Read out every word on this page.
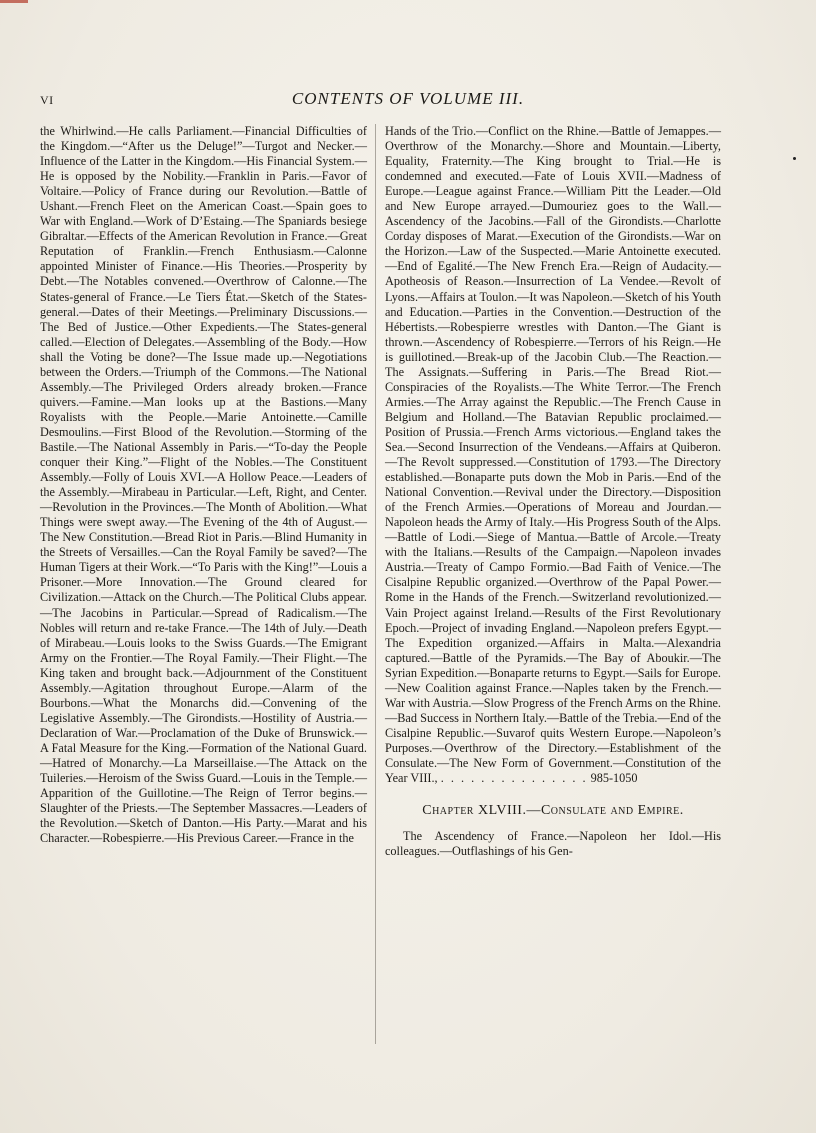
VI	CONTENTS OF VOLUME III.

the Whirlwind.—He calls Parliament.—Financial Difficulties of the Kingdom.—“After us the Deluge!”—Turgot and Necker.—Influence of the Latter in the Kingdom.—His Financial System.—He is opposed by the Nobility.—Franklin in Paris.—Favor of Voltaire.—Policy of France during our Revolution.—Battle of Ushant.—French Fleet on the American Coast.—Spain goes to War with England.—Work of D’Estaing.—The Spaniards besiege Gibraltar.—Effects of the American Revolution in France.—Great Reputation of Franklin.—French Enthusiasm.—Calonne appointed Minister of Finance.—His Theories.—Prosperity by Debt.—The Notables convened.—Overthrow of Calonne.—The States-general of France.—Le Tiers État.—Sketch of the States-general.—Dates of their Meetings.—Preliminary Discussions.—The Bed of Justice.—Other Expedients.—The States-general called.—Election of Delegates.—Assembling of the Body.—How shall the Voting be done?—The Issue made up.—Negotiations between the Orders.—Triumph of the Commons.—The National Assembly.—The Privileged Orders already broken.—France quivers.—Famine.—Man looks up at the Bastions.—Many Royalists with the People.—Marie Antoinette.—Camille Desmoulins.—First Blood of the Revolution.—Storming of the Bastile.—The National Assembly in Paris.—“To-day the People conquer their King.”—Flight of the Nobles.—The Constituent Assembly.—Folly of Louis XVI.—A Hollow Peace.—Leaders of the Assembly.—Mirabeau in Particular.—Left, Right, and Center.—Revolution in the Provinces.—The Month of Abolition.—What Things were swept away.—The Evening of the 4th of August.—The New Constitution.—Bread Riot in Paris.—Blind Humanity in the Streets of Versailles.—Can the Royal Family be saved?—The Human Tigers at their Work.—“To Paris with the King!”—Louis a Prisoner.—More Innovation.—The Ground cleared for Civilization.—Attack on the Church.—The Political Clubs appear.—The Jacobins in Particular.—Spread of Radicalism.—The Nobles will return and re-take France.—The 14th of July.—Death of Mirabeau.—Louis looks to the Swiss Guards.—The Emigrant Army on the Frontier.—The Royal Family.—Their Flight.—The King taken and brought back.—Adjournment of the Constituent Assembly.—Agitation throughout Europe.—Alarm of the Bourbons.—What the Monarchs did.—Convening of the Legislative Assembly.—The Girondists.—Hostility of Austria.—Declaration of War.—Proclamation of the Duke of Brunswick.—A Fatal Measure for the King.—Formation of the National Guard.—Hatred of Monarchy.—La Marseillaise.—The Attack on the Tuileries.—Heroism of the Swiss Guard.—Louis in the Temple.—Apparition of the Guillotine.—The Reign of Terror begins.—Slaughter of the Priests.—The September Massacres.—Leaders of the Revolution.—Sketch of Danton.—His Party.—Marat and his Character.—Robespierre.—His Previous Career.—France in the

Hands of the Trio.—Conflict on the Rhine.—Battle of Jemappes.—Overthrow of the Monarchy.—Shore and Mountain.—Liberty, Equality, Fraternity.—The King brought to Trial.—He is condemned and executed.—Fate of Louis XVII.—Madness of Europe.—League against France.—William Pitt the Leader.—Old and New Europe arrayed.—Dumouriez goes to the Wall.—Ascendency of the Jacobins.—Fall of the Girondists.—Charlotte Corday disposes of Marat.—Execution of the Girondists.—War on the Horizon.—Law of the Suspected.—Marie Antoinette executed.—End of Egalité.—The New French Era.—Reign of Audacity.—Apotheosis of Reason.—Insurrection of La Vendee.—Revolt of Lyons.—Affairs at Toulon.—It was Napoleon.—Sketch of his Youth and Education.—Parties in the Convention.—Destruction of the Hébertists.—Robespierre wrestles with Danton.—The Giant is thrown.—Ascendency of Robespierre.—Terrors of his Reign.—He is guillotined.—Break-up of the Jacobin Club.—The Reaction.—The Assignats.—Suffering in Paris.—The Bread Riot.—Conspiracies of the Royalists.—The White Terror.—The French Armies.—The Array against the Republic.—The French Cause in Belgium and Holland.—The Batavian Republic proclaimed.—Position of Prussia.—French Arms victorious.—England takes the Sea.—Second Insurrection of the Vendeans.—Affairs at Quiberon.—The Revolt suppressed.—Constitution of 1793.—The Directory established.—Bonaparte puts down the Mob in Paris.—End of the National Convention.—Revival under the Directory.—Disposition of the French Armies.—Operations of Moreau and Jourdan.—Napoleon heads the Army of Italy.—His Progress South of the Alps.—Battle of Lodi.—Siege of Mantua.—Battle of Arcole.—Treaty with the Italians.—Results of the Campaign.—Napoleon invades Austria.—Treaty of Campo Formio.—Bad Faith of Venice.—The Cisalpine Republic organized.—Overthrow of the Papal Power.—Rome in the Hands of the French.—Switzerland revolutionized.—Vain Project against Ireland.—Results of the First Revolutionary Epoch.—Project of invading England.—Napoleon prefers Egypt.—The Expedition organized.—Affairs in Malta.—Alexandria captured.—Battle of the Pyramids.—The Bay of Aboukir.—The Syrian Expedition.—Bonaparte returns to Egypt.—Sails for Europe.—New Coalition against France.—Naples taken by the French.—War with Austria.—Slow Progress of the French Arms on the Rhine.—Bad Success in Northern Italy.—Battle of the Trebia.—End of the Cisalpine Republic.—Suvarof quits Western Europe.—Napoleon’s Purposes.—Overthrow of the Directory.—Establishment of the Consulate.—The New Form of Government.—Constitution of the Year VIII., . . . . . . . . . . . . . . . 985-1050

Chapter XLVIII.—Consulate and Empire.

The Ascendency of France.—Napoleon her Idol.—His colleagues.—Outflashings of his Gen-
